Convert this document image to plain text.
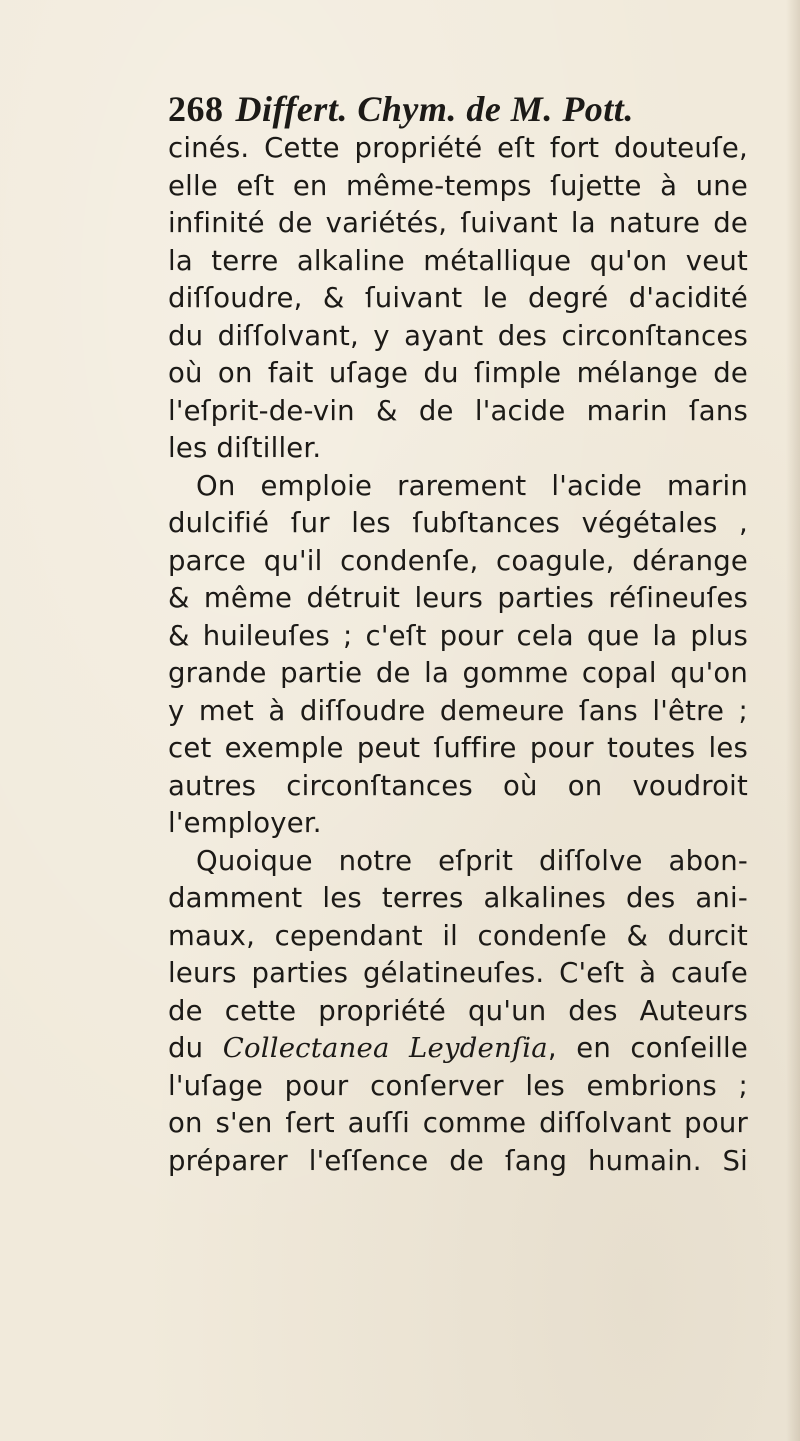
268 Differt. Chym. de M. Pott.
cinés. Cette propriété eſt fort douteuſe,
elle eſt en même-temps ſujette à une
infinité de variétés, ſuivant la nature de
la terre alkaline métallique qu'on veut
diſſoudre, & ſuivant le degré d'acidité
du diſſolvant, y ayant des circonſtances
où on fait uſage du ſimple mélange de
l'eſprit-de-vin & de l'acide marin ſans
les diſtiller.
On emploie rarement l'acide marin
dulcifié ſur les ſubſtances végétales ,
parce qu'il condenſe, coagule, dérange
& même détruit leurs parties réſineuſes
& huileuſes ; c'eſt pour cela que la plus
grande partie de la gomme copal qu'on
y met à diſſoudre demeure ſans l'être ;
cet exemple peut ſuffire pour toutes les
autres circonſtances où on voudroit
l'employer.
Quoique notre eſprit diſſolve abon-
damment les terres alkalines des ani-
maux, cependant il condenſe & durcit
leurs parties gélatineuſes. C'eſt à cauſe
de cette propriété qu'un des Auteurs
du Collectanea Leydenſia, en conſeille
l'uſage pour conſerver les embrions ;
on s'en ſert auſſi comme diſſolvant pour
préparer l'eſſence de ſang humain. Si
